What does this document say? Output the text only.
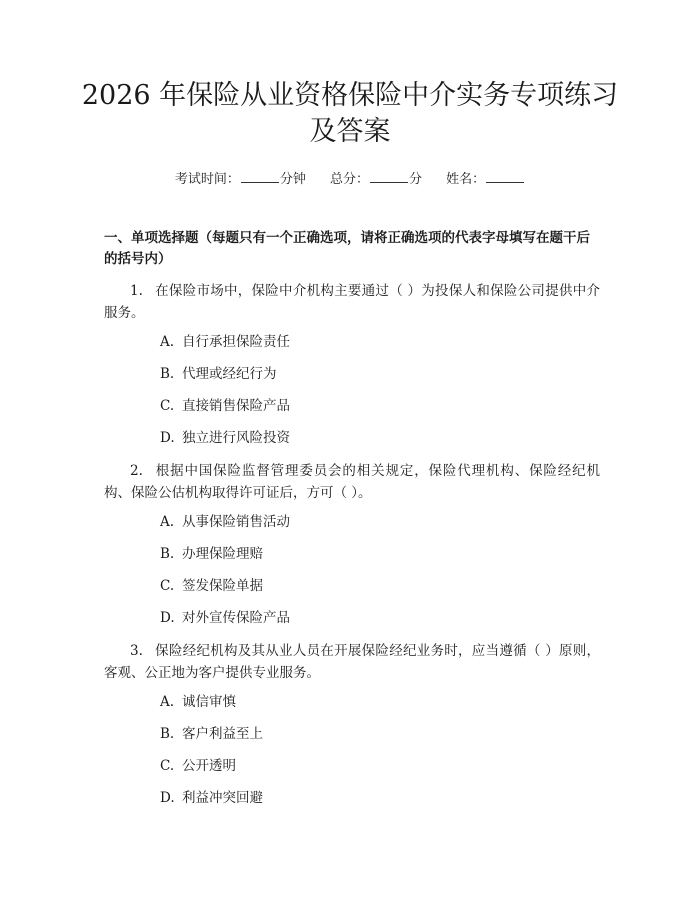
2026 年保险从业资格保险中介实务专项练习及答案
考试时间：	分钟 总分：	分 姓名：

一、单项选择题（每题只有一个正确选项，请将正确选项的代表字母填写在题干后的括号内）

1. 在保险市场中，保险中介机构主要通过（ ）为投保人和保险公司提供中介服务。

A. 自行承担保险责任
B. 代理或经纪行为
C. 直接销售保险产品
D. 独立进行风险投资

2. 根据中国保险监督管理委员会的相关规定，保险代理机构、保险经纪机构、保险公估机构取得许可证后，方可（ ）。

A. 从事保险销售活动
B. 办理保险理赔
C. 签发保险单据
D. 对外宣传保险产品

3. 保险经纪机构及其从业人员在开展保险经纪业务时，应当遵循（ ）原则，客观、公正地为客户提供专业服务。

A. 诚信审慎
B. 客户利益至上
C. 公开透明
D. 利益冲突回避
